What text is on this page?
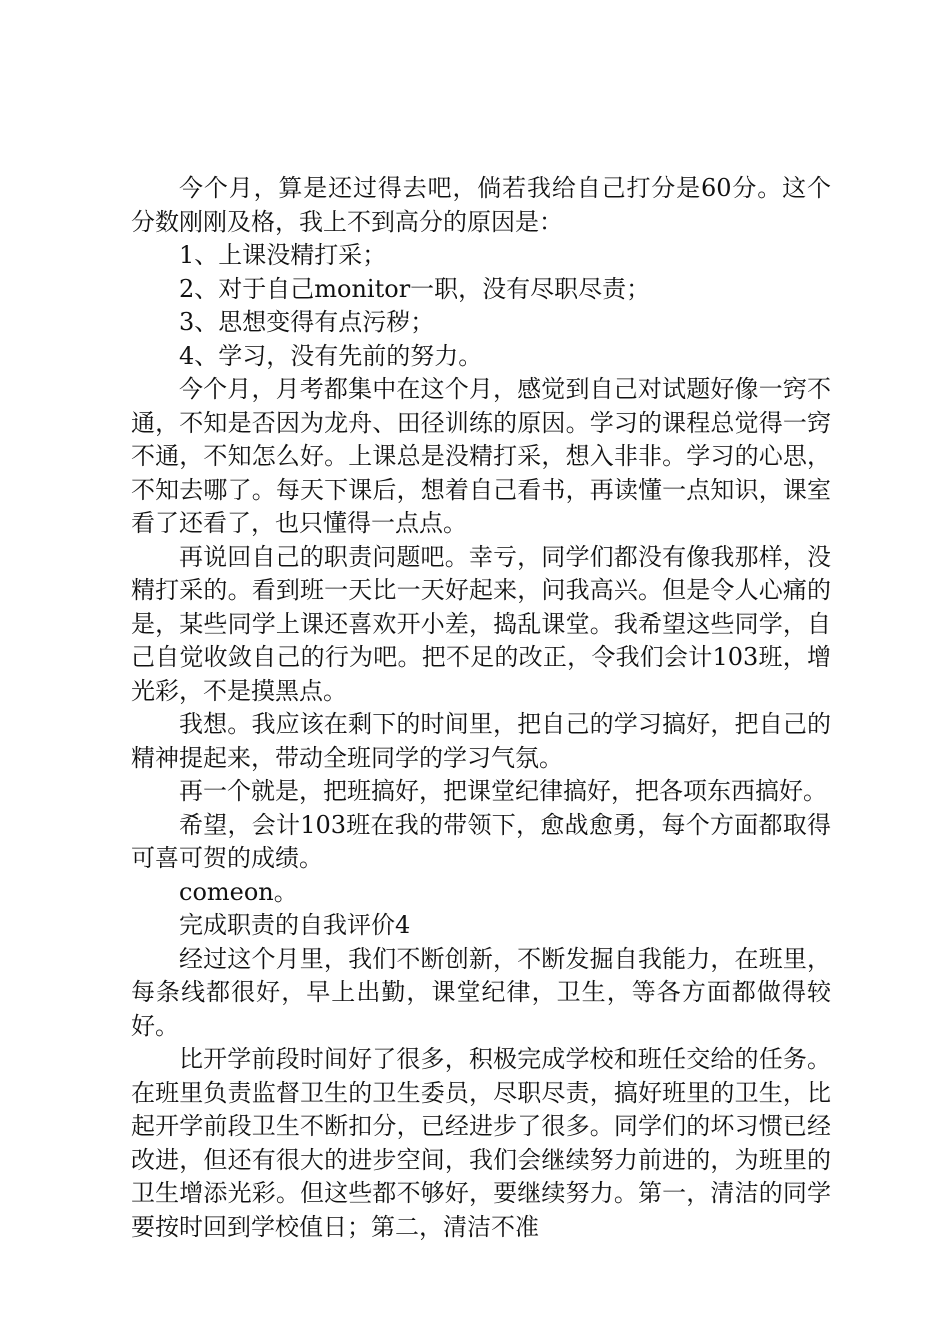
今个月，算是还过得去吧，倘若我给自己打分是60分。这个分数刚刚及格，我上不到高分的原因是：

1、上课没精打采；

2、对于自己monitor一职，没有尽职尽责；

3、思想变得有点污秽；

4、学习，没有先前的努力。

今个月，月考都集中在这个月，感觉到自己对试题好像一窍不通，不知是否因为龙舟、田径训练的原因。学习的课程总觉得一窍不通，不知怎么好。上课总是没精打采，想入非非。学习的心思，不知去哪了。每天下课后，想着自己看书，再读懂一点知识，课室看了还看了，也只懂得一点点。

再说回自己的职责问题吧。幸亏，同学们都没有像我那样，没精打采的。看到班一天比一天好起来，问我高兴。但是令人心痛的是，某些同学上课还喜欢开小差，捣乱课堂。我希望这些同学，自己自觉收敛自己的行为吧。把不足的改正，令我们会计103班，增光彩，不是摸黑点。

我想。我应该在剩下的时间里，把自己的学习搞好，把自己的精神提起来，带动全班同学的学习气氛。

再一个就是，把班搞好，把课堂纪律搞好，把各项东西搞好。

希望，会计103班在我的带领下，愈战愈勇，每个方面都取得可喜可贺的成绩。

comeon。

完成职责的自我评价4

经过这个月里，我们不断创新，不断发掘自我能力，在班里，每条线都很好，早上出勤，课堂纪律，卫生，等各方面都做得较好。

比开学前段时间好了很多，积极完成学校和班任交给的任务。在班里负责监督卫生的卫生委员，尽职尽责，搞好班里的卫生，比起开学前段卫生不断扣分，已经进步了很多。同学们的坏习惯已经改进，但还有很大的进步空间，我们会继续努力前进的，为班里的卫生增添光彩。但这些都不够好，要继续努力。第一，清洁的同学要按时回到学校值日；第二，清洁不准
